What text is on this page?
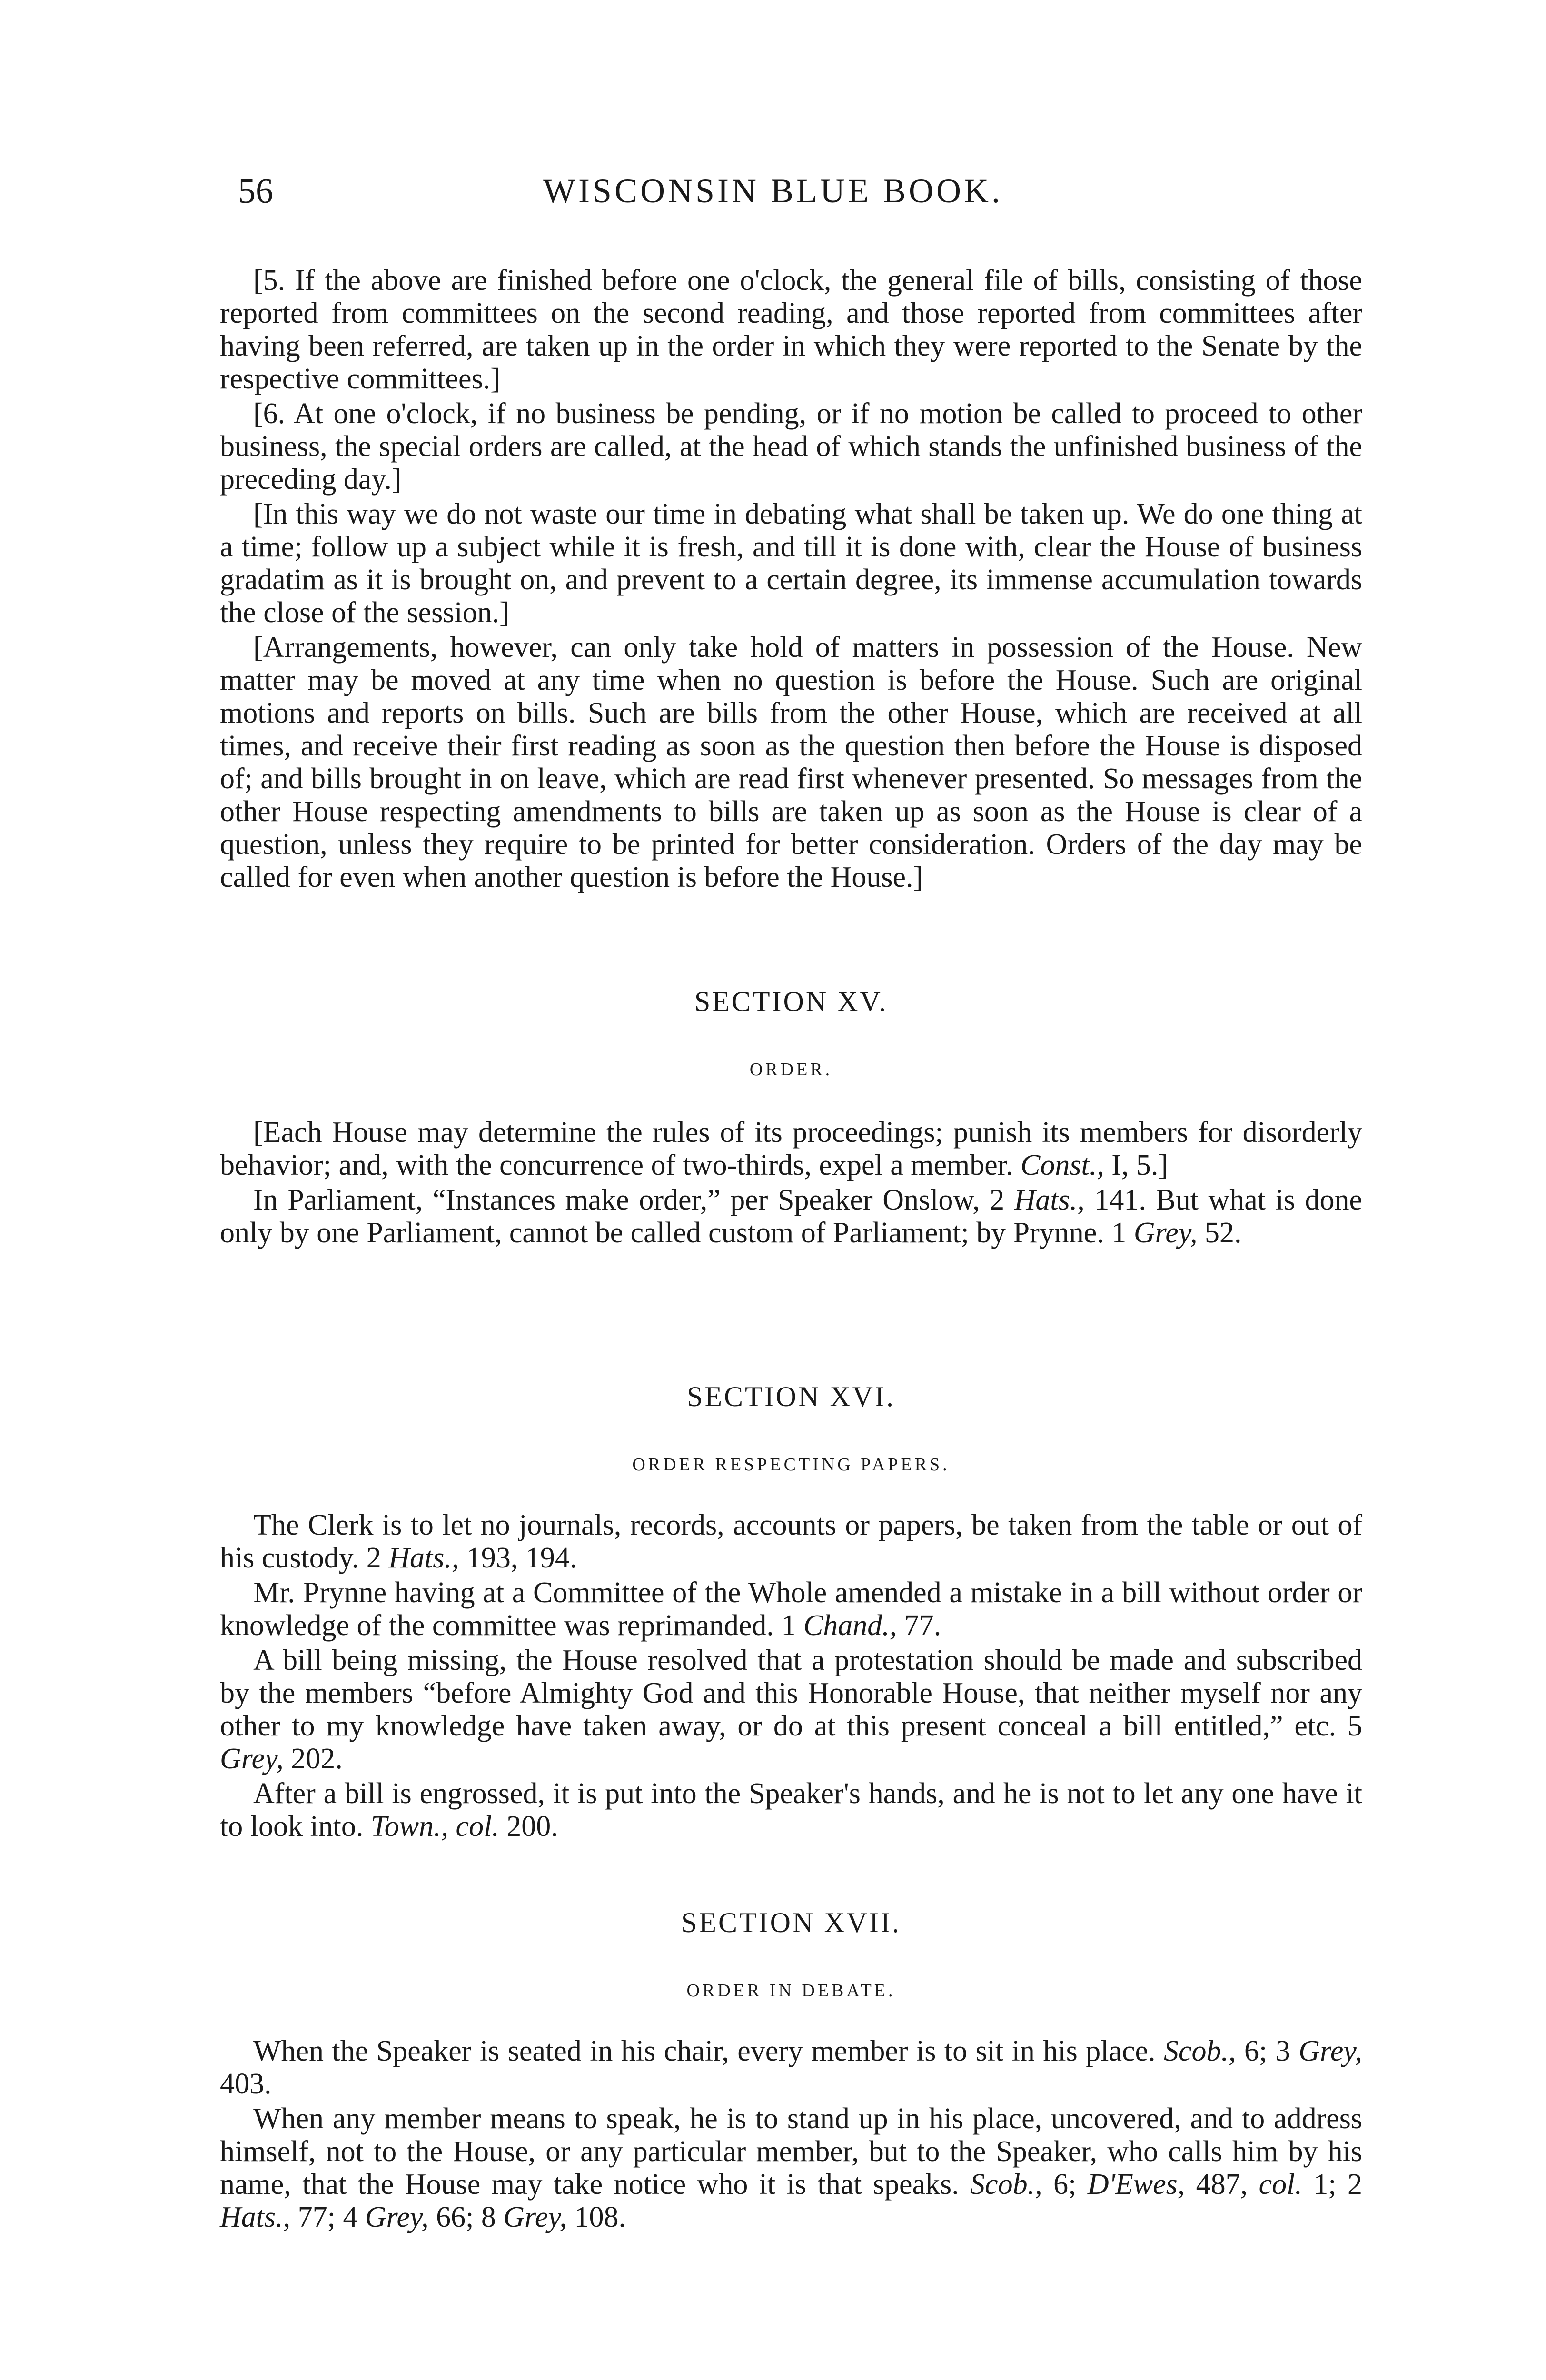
56	WISCONSIN BLUE BOOK.

[5. If the above are finished before one o'clock, the general file of bills, consisting of those reported from committees on the second reading, and those reported from committees after having been referred, are taken up in the order in which they were reported to the Senate by the respective committees.]

[6. At one o'clock, if no business be pending, or if no motion be called to proceed to other business, the special orders are called, at the head of which stands the unfinished business of the preceding day.]

[In this way we do not waste our time in debating what shall be taken up. We do one thing at a time; follow up a subject while it is fresh, and till it is done with, clear the House of business gradatim as it is brought on, and prevent to a certain degree, its immense accumulation towards the close of the session.]

[Arrangements, however, can only take hold of matters in possession of the House. New matter may be moved at any time when no question is before the House. Such are original motions and reports on bills. Such are bills from the other House, which are received at all times, and receive their first reading as soon as the question then before the House is disposed of; and bills brought in on leave, which are read first whenever presented. So messages from the other House respecting amendments to bills are taken up as soon as the House is clear of a question, unless they require to be printed for better consideration. Orders of the day may be called for even when another question is before the House.]

SECTION XV.
ORDER.

[Each House may determine the rules of its proceedings; punish its members for disorderly behavior; and, with the concurrence of two-thirds, expel a member. Const., I, 5.]

In Parliament, “Instances make order,” per Speaker Onslow, 2 Hats., 141. But what is done only by one Parliament, cannot be called custom of Parliament; by Prynne. 1 Grey, 52.

SECTION XVI.
ORDER RESPECTING PAPERS.

The Clerk is to let no journals, records, accounts or papers, be taken from the table or out of his custody. 2 Hats., 193, 194.

Mr. Prynne having at a Committee of the Whole amended a mistake in a bill without order or knowledge of the committee was reprimanded. 1 Chand., 77.

A bill being missing, the House resolved that a protestation should be made and subscribed by the members “before Almighty God and this Honorable House, that neither myself nor any other to my knowledge have taken away, or do at this present conceal a bill entitled,” etc. 5 Grey, 202.

After a bill is engrossed, it is put into the Speaker's hands, and he is not to let any one have it to look into. Town., col. 200.

SECTION XVII.
ORDER IN DEBATE.

When the Speaker is seated in his chair, every member is to sit in his place. Scob., 6; 3 Grey, 403.

When any member means to speak, he is to stand up in his place, uncovered, and to address himself, not to the House, or any particular member, but to the Speaker, who calls him by his name, that the House may take notice who it is that speaks. Scob., 6; D'Ewes, 487, col. 1; 2 Hats., 77; 4 Grey, 66; 8 Grey, 108.
